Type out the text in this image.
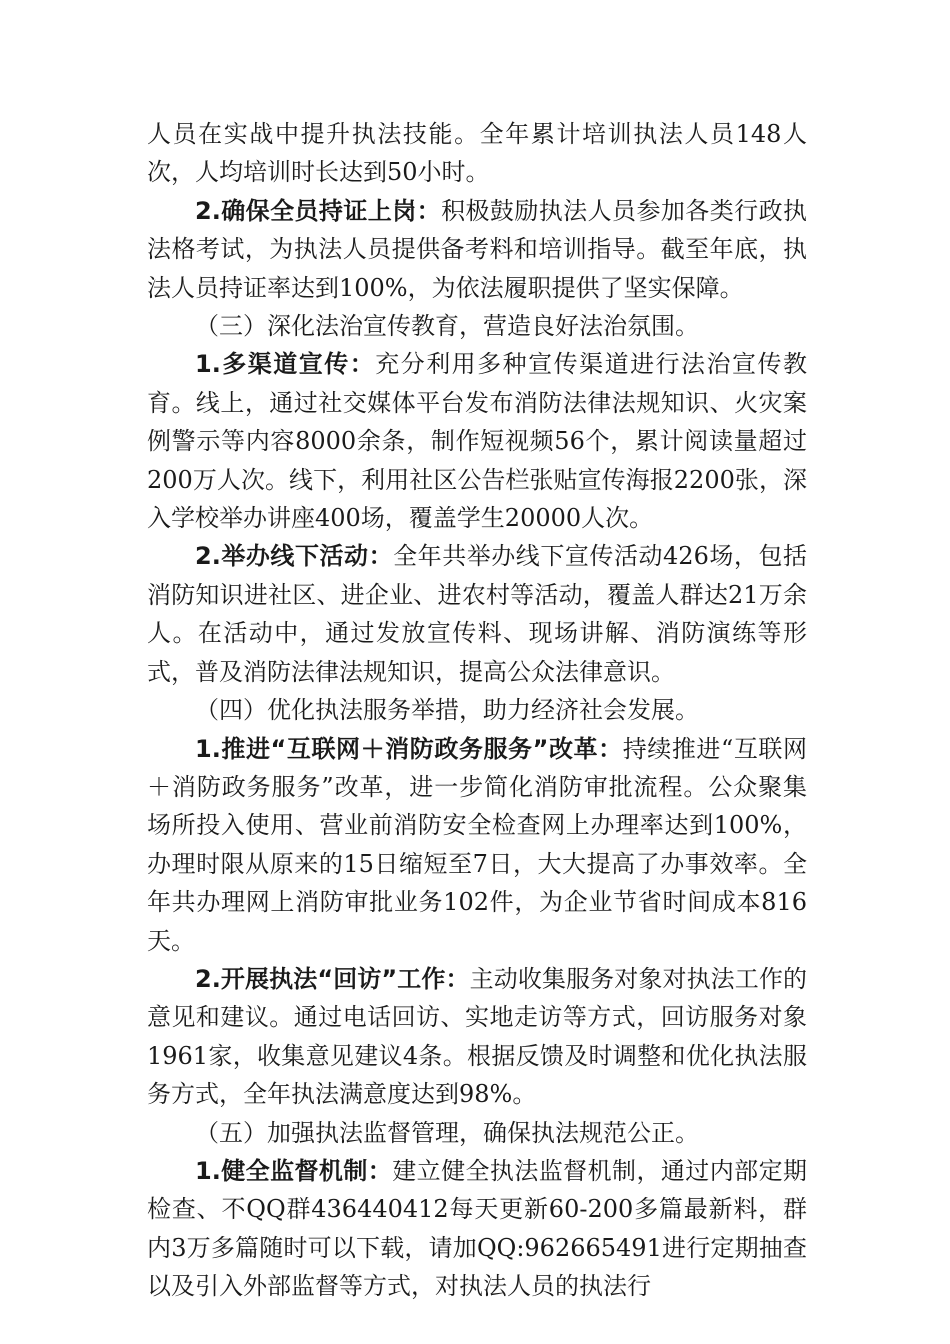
人员在实战中提升执法技能。全年累计培训执法人员148人次，人均培训时长达到50小时。

2.确保全员持证上岗：积极鼓励执法人员参加各类行政执法格考试，为执法人员提供备考料和培训指导。截至年底，执法人员持证率达到100%，为依法履职提供了坚实保障。

（三）深化法治宣传教育，营造良好法治氛围。

1.多渠道宣传：充分利用多种宣传渠道进行法治宣传教育。线上，通过社交媒体平台发布消防法律法规知识、火灾案例警示等内容8000余条，制作短视频56个，累计阅读量超过200万人次。线下，利用社区公告栏张贴宣传海报2200张，深入学校举办讲座400场，覆盖学生20000人次。

2.举办线下活动：全年共举办线下宣传活动426场，包括消防知识进社区、进企业、进农村等活动，覆盖人群达21万余人。在活动中，通过发放宣传料、现场讲解、消防演练等形式，普及消防法律法规知识，提高公众法律意识。

（四）优化执法服务举措，助力经济社会发展。

1.推进“互联网＋消防政务服务”改革：持续推进“互联网＋消防政务服务”改革，进一步简化消防审批流程。公众聚集场所投入使用、营业前消防安全检查网上办理率达到100%，办理时限从原来的15日缩短至7日，大大提高了办事效率。全年共办理网上消防审批业务102件，为企业节省时间成本816天。

2.开展执法“回访”工作：主动收集服务对象对执法工作的意见和建议。通过电话回访、实地走访等方式，回访服务对象1961家，收集意见建议4条。根据反馈及时调整和优化执法服务方式，全年执法满意度达到98%。

（五）加强执法监督管理，确保执法规范公正。

1.健全监督机制：建立健全执法监督机制，通过内部定期检查、不QQ群436440412每天更新60-200多篇最新料，群内3万多篇随时可以下载，请加QQ:962665491进行定期抽查以及引入外部监督等方式，对执法人员的执法行
